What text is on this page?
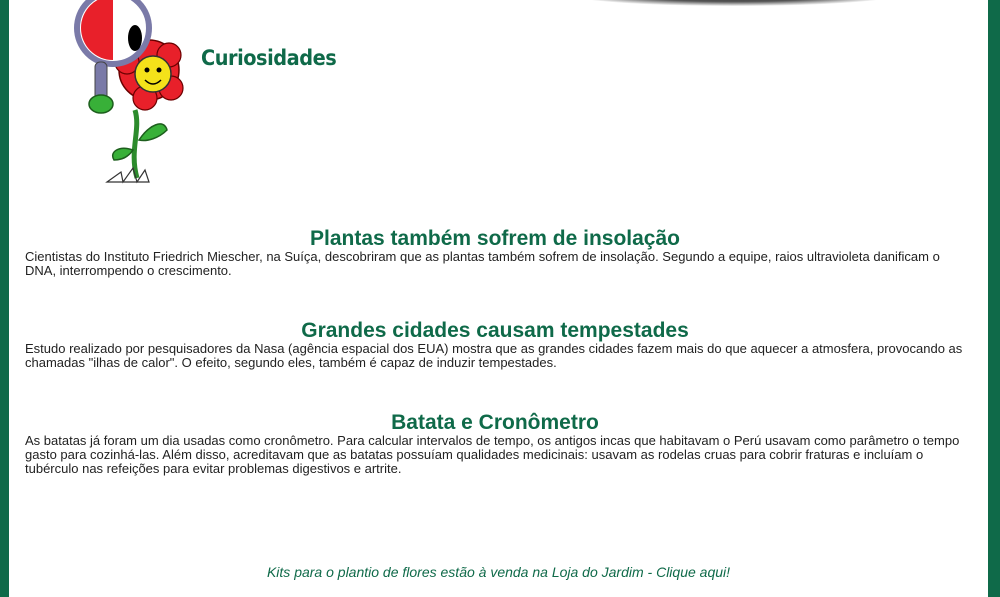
Curiosidades
Plantas também sofrem de insolação

Cientistas do Instituto Friedrich Miescher, na Suíça, descobriram que as plantas também sofrem de insolação. Segundo a equipe, raios ultravioleta danificam o DNA, interrompendo o crescimento.

Grandes cidades causam tempestades

Estudo realizado por pesquisadores da Nasa (agência espacial dos EUA) mostra que as grandes cidades fazem mais do que aquecer a atmosfera, provocando as chamadas "ilhas de calor". O efeito, segundo eles, também é capaz de induzir tempestades.

Batata e Cronômetro

As batatas já foram um dia usadas como cronômetro. Para calcular intervalos de tempo, os antigos incas que habitavam o Perú usavam como parâmetro o tempo gasto para cozinhá-las. Além disso, acreditavam que as batatas possuíam qualidades medicinais: usavam as rodelas cruas para cobrir fraturas e incluíam o tubérculo nas refeições para evitar problemas digestivos e artrite.

Kits para o plantio de flores estão à venda na Loja do Jardim - Clique aqui!
